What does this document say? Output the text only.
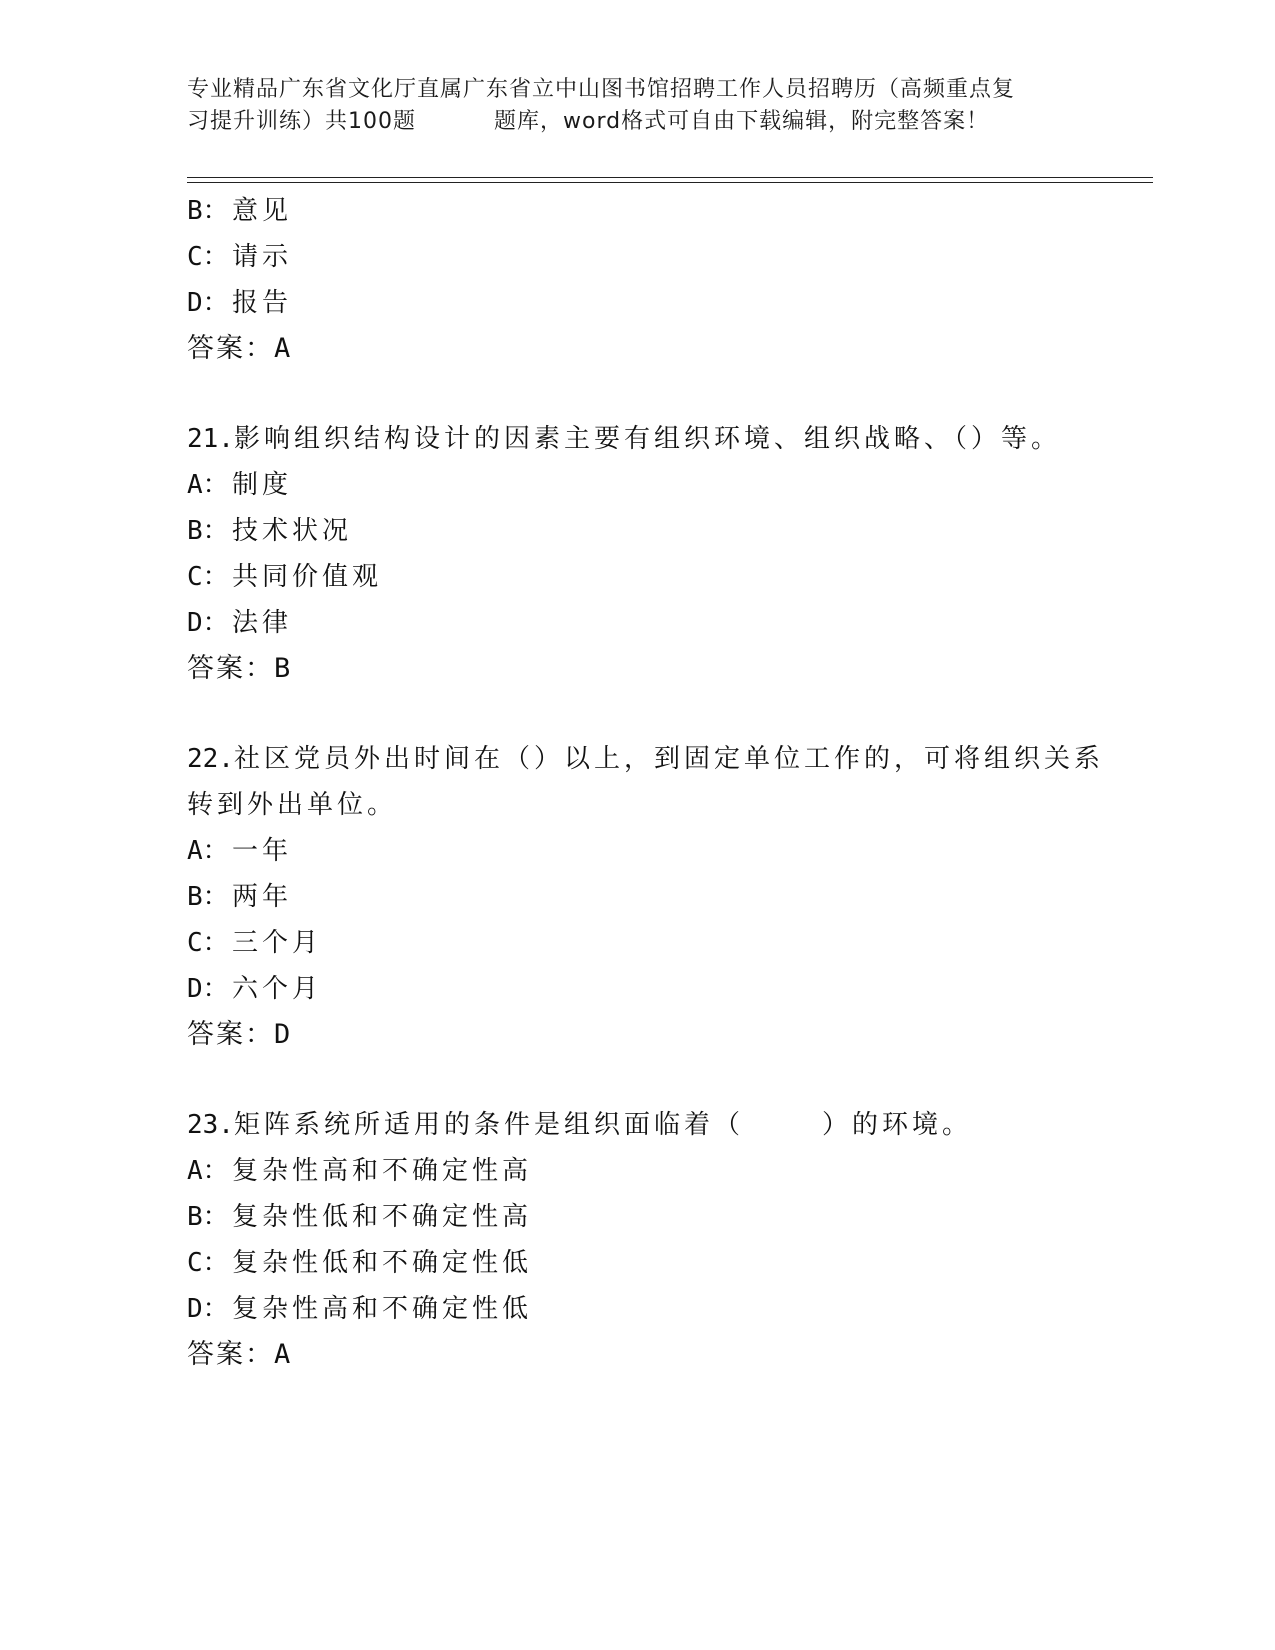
专业精品广东省文化厅直属广东省立中山图书馆招聘工作人员招聘历（高频重点复
习提升训练）共100题	题库，word格式可自由下载编辑，附完整答案！
B： 意见
C： 请示
D： 报告
答案：A
21.影响组织结构设计的因素主要有组织环境、组织战略、（）等。
A： 制度
B： 技术状况
C： 共同价值观
D： 法律
答案：B
22.社区党员外出时间在（）以上，到固定单位工作的，可将组织关系
转到外出单位。
A： 一年
B： 两年
C： 三个月
D： 六个月
答案：D
23.矩阵系统所适用的条件是组织面临着（	）的环境。
A： 复杂性高和不确定性高
B： 复杂性低和不确定性高
C： 复杂性低和不确定性低
D： 复杂性高和不确定性低
答案：A
